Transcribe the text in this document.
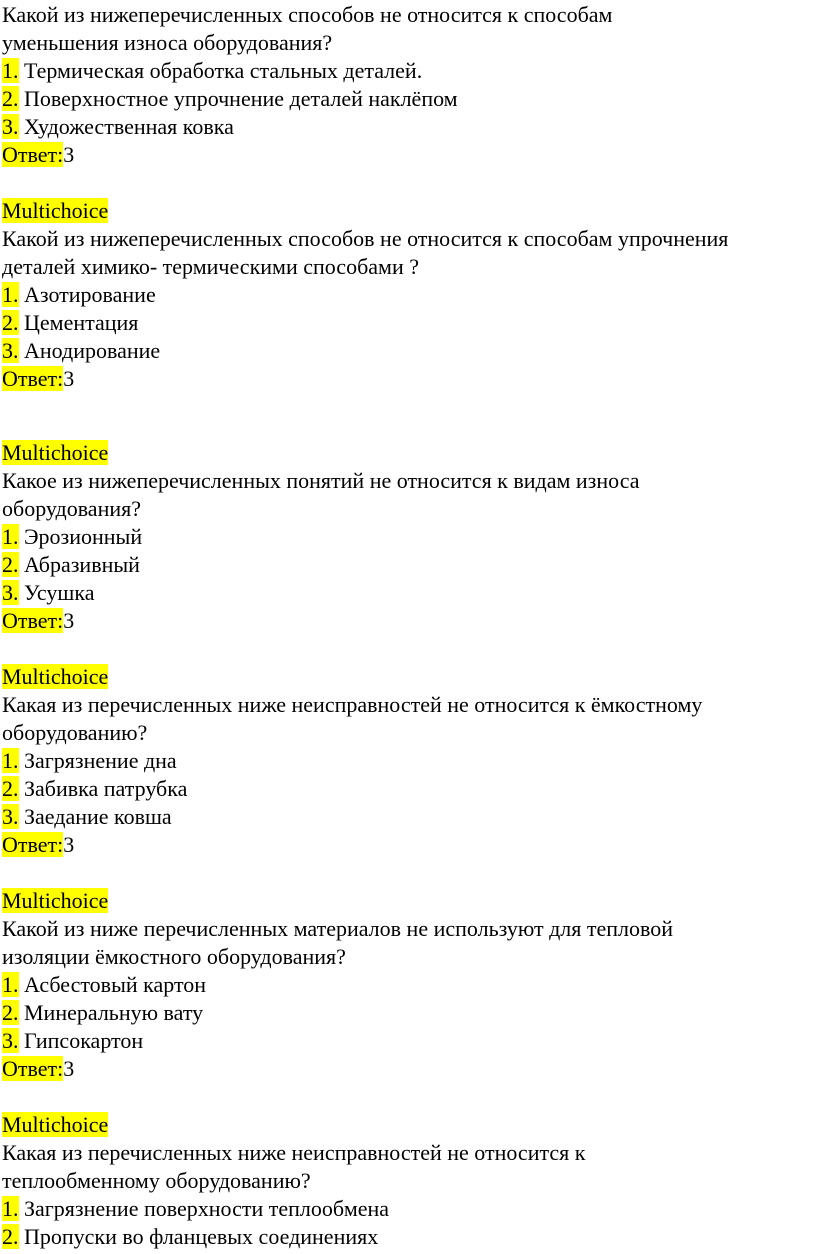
Какой из нижеперечисленных способов не относится к способам
уменьшения износа оборудования?
1. Термическая обработка стальных деталей.
2. Поверхностное упрочнение деталей наклёпом
3. Художественная ковка
Ответ:3
Multichoice
Какой из нижеперечисленных способов не относится к способам упрочнения
деталей химико- термическими способами ?
1. Азотирование
2. Цементация
3. Анодирование
Ответ:3
Multichoice
Какое из нижеперечисленных понятий не относится к видам износа
оборудования?
1. Эрозионный
2. Абразивный
3. Усушка
Ответ:3
Multichoice
Какая из перечисленных ниже неисправностей не относится к ёмкостному
оборудованию?
1. Загрязнение дна
2. Забивка патрубка
3. Заедание ковша
Ответ:3
Multichoice
Какой из ниже перечисленных материалов не используют для тепловой
изоляции ёмкостного оборудования?
1. Асбестовый картон
2. Минеральную вату
3. Гипсокартон
Ответ:3
Multichoice
Какая из перечисленных ниже неисправностей не относится к
теплообменному оборудованию?
1. Загрязнение поверхности теплообмена
2. Пропуски во фланцевых соединениях
